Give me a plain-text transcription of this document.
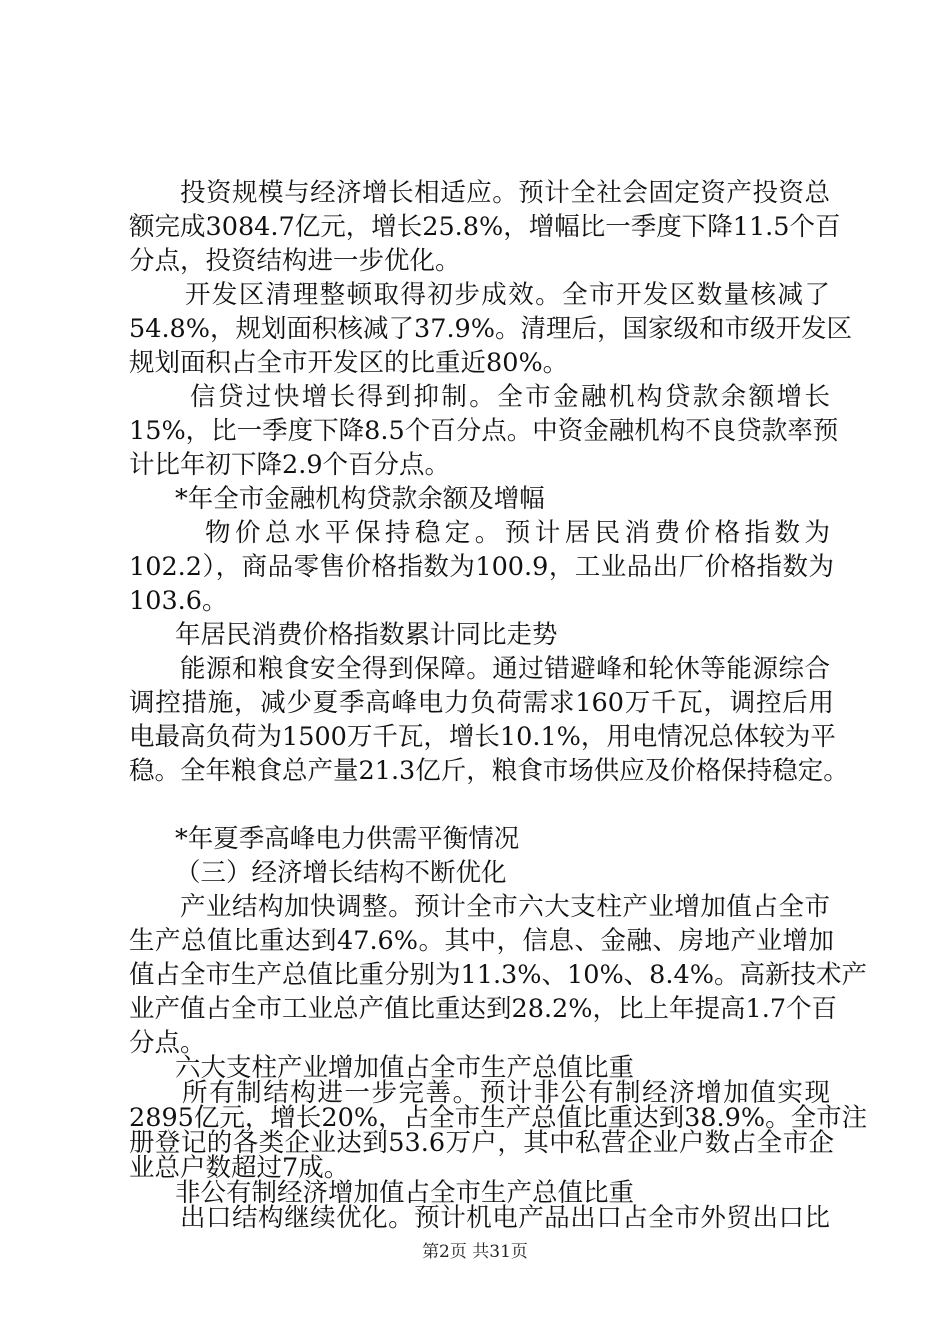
投资规模与经济增长相适应。预计全社会固定资产投资总
额完成3084.7亿元，增长25.8%，增幅比一季度下降11.5个百
分点，投资结构进一步优化。
开发区清理整顿取得初步成效。全市开发区数量核减了
54.8%，规划面积核减了37.9%。清理后，国家级和市级开发区
规划面积占全市开发区的比重近80%。
信贷过快增长得到抑制。全市金融机构贷款余额增长
15%，比一季度下降8.5个百分点。中资金融机构不良贷款率预
计比年初下降2.9个百分点。
*年全市金融机构贷款余额及增幅
物价总水平保持稳定。预计居民消费价格指数为
102.2），商品零售价格指数为100.9，工业品出厂价格指数为
103.6。
年居民消费价格指数累计同比走势
能源和粮食安全得到保障。通过错避峰和轮休等能源综合
调控措施，减少夏季高峰电力负荷需求160万千瓦，调控后用
电最高负荷为1500万千瓦，增长10.1%，用电情况总体较为平
稳。全年粮食总产量21.3亿斤，粮食市场供应及价格保持稳定。
*年夏季高峰电力供需平衡情况
（三）经济增长结构不断优化
产业结构加快调整。预计全市六大支柱产业增加值占全市
生产总值比重达到47.6%。其中，信息、金融、房地产业增加
值占全市生产总值比重分别为11.3%、10%、8.4%。高新技术产
业产值占全市工业总产值比重达到28.2%，比上年提高1.7个百
分点。
六大支柱产业增加值占全市生产总值比重
所有制结构进一步完善。预计非公有制经济增加值实现
2895亿元，增长20%，占全市生产总值比重达到38.9%。全市注
册登记的各类企业达到53.6万户，其中私营企业户数占全市企
业总户数超过7成。
非公有制经济增加值占全市生产总值比重
出口结构继续优化。预计机电产品出口占全市外贸出口比
第2页 共31页
